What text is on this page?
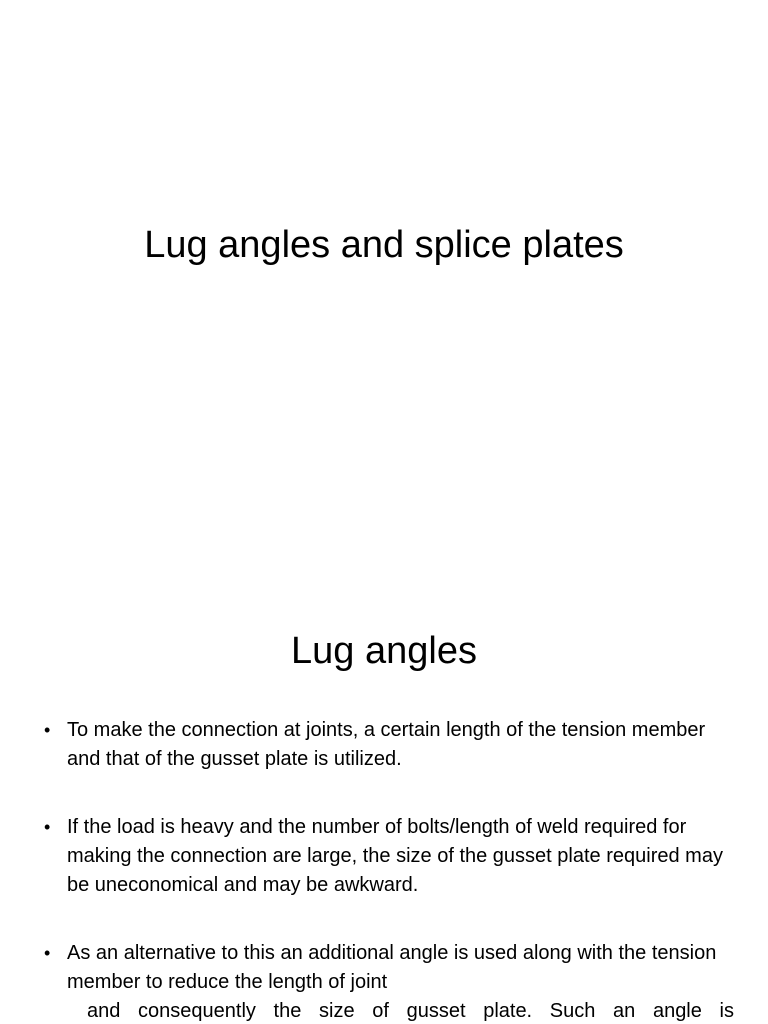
Lug angles and splice plates
Lug angles
• To make the connection at joints, a certain length of the tension member and that of the gusset plate is utilized.
• If the load is heavy and the number of bolts/length of weld required for making the connection are large, the size of the gusset plate required may be uneconomical and may be awkward.
• As an alternative to this an additional angle is used along with the tension member to reduce the length of joint
and consequently the size of gusset plate. Such an angle is
